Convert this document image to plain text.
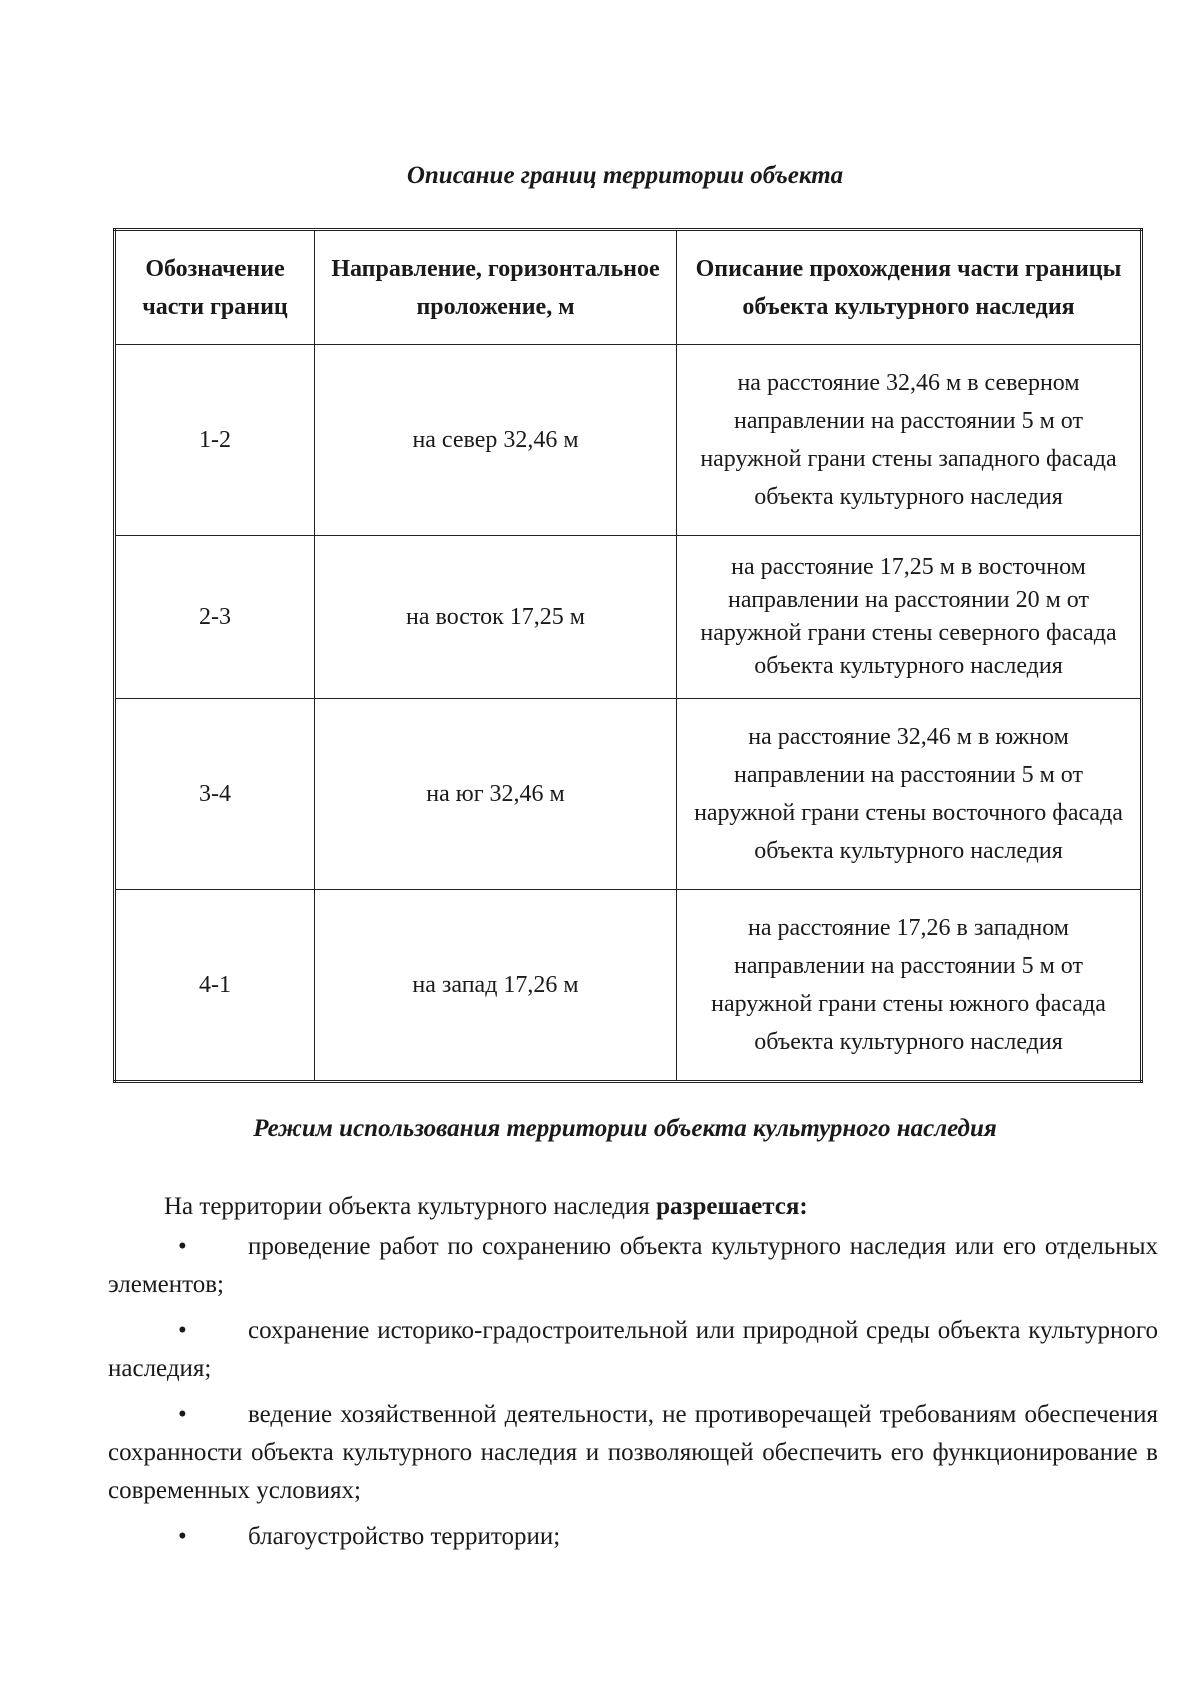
Описание границ территории объекта
Обозначение части границ	Направление, горизонтальное проложение, м	Описание прохождения части границы объекта культурного наследия
1-2	на север 32,46 м	на расстояние 32,46 м в северном направлении на расстоянии 5 м от наружной грани стены западного фасада объекта культурного наследия
2-3	на восток 17,25 м	на расстояние 17,25 м в восточном направлении на расстоянии 20 м от наружной грани стены северного фасада объекта культурного наследия
3-4	на юг 32,46 м	на расстояние 32,46 м в южном направлении на расстоянии 5 м от наружной грани стены восточного фасада объекта культурного наследия
4-1	на запад 17,26 м	на расстояние 17,26 в западном направлении на расстоянии 5 м от наружной грани стены южного фасада объекта культурного наследия
Режим использования территории объекта культурного наследия

На территории объекта культурного наследия разрешается:

• проведение работ по сохранению объекта культурного наследия или его отдельных элементов;

• сохранение историко-градостроительной или природной среды объекта культурного наследия;

• ведение хозяйственной деятельности, не противоречащей требованиям обеспечения сохранности объекта культурного наследия и позволяющей обеспечить его функционирование в современных условиях;

• благоустройство территории;
